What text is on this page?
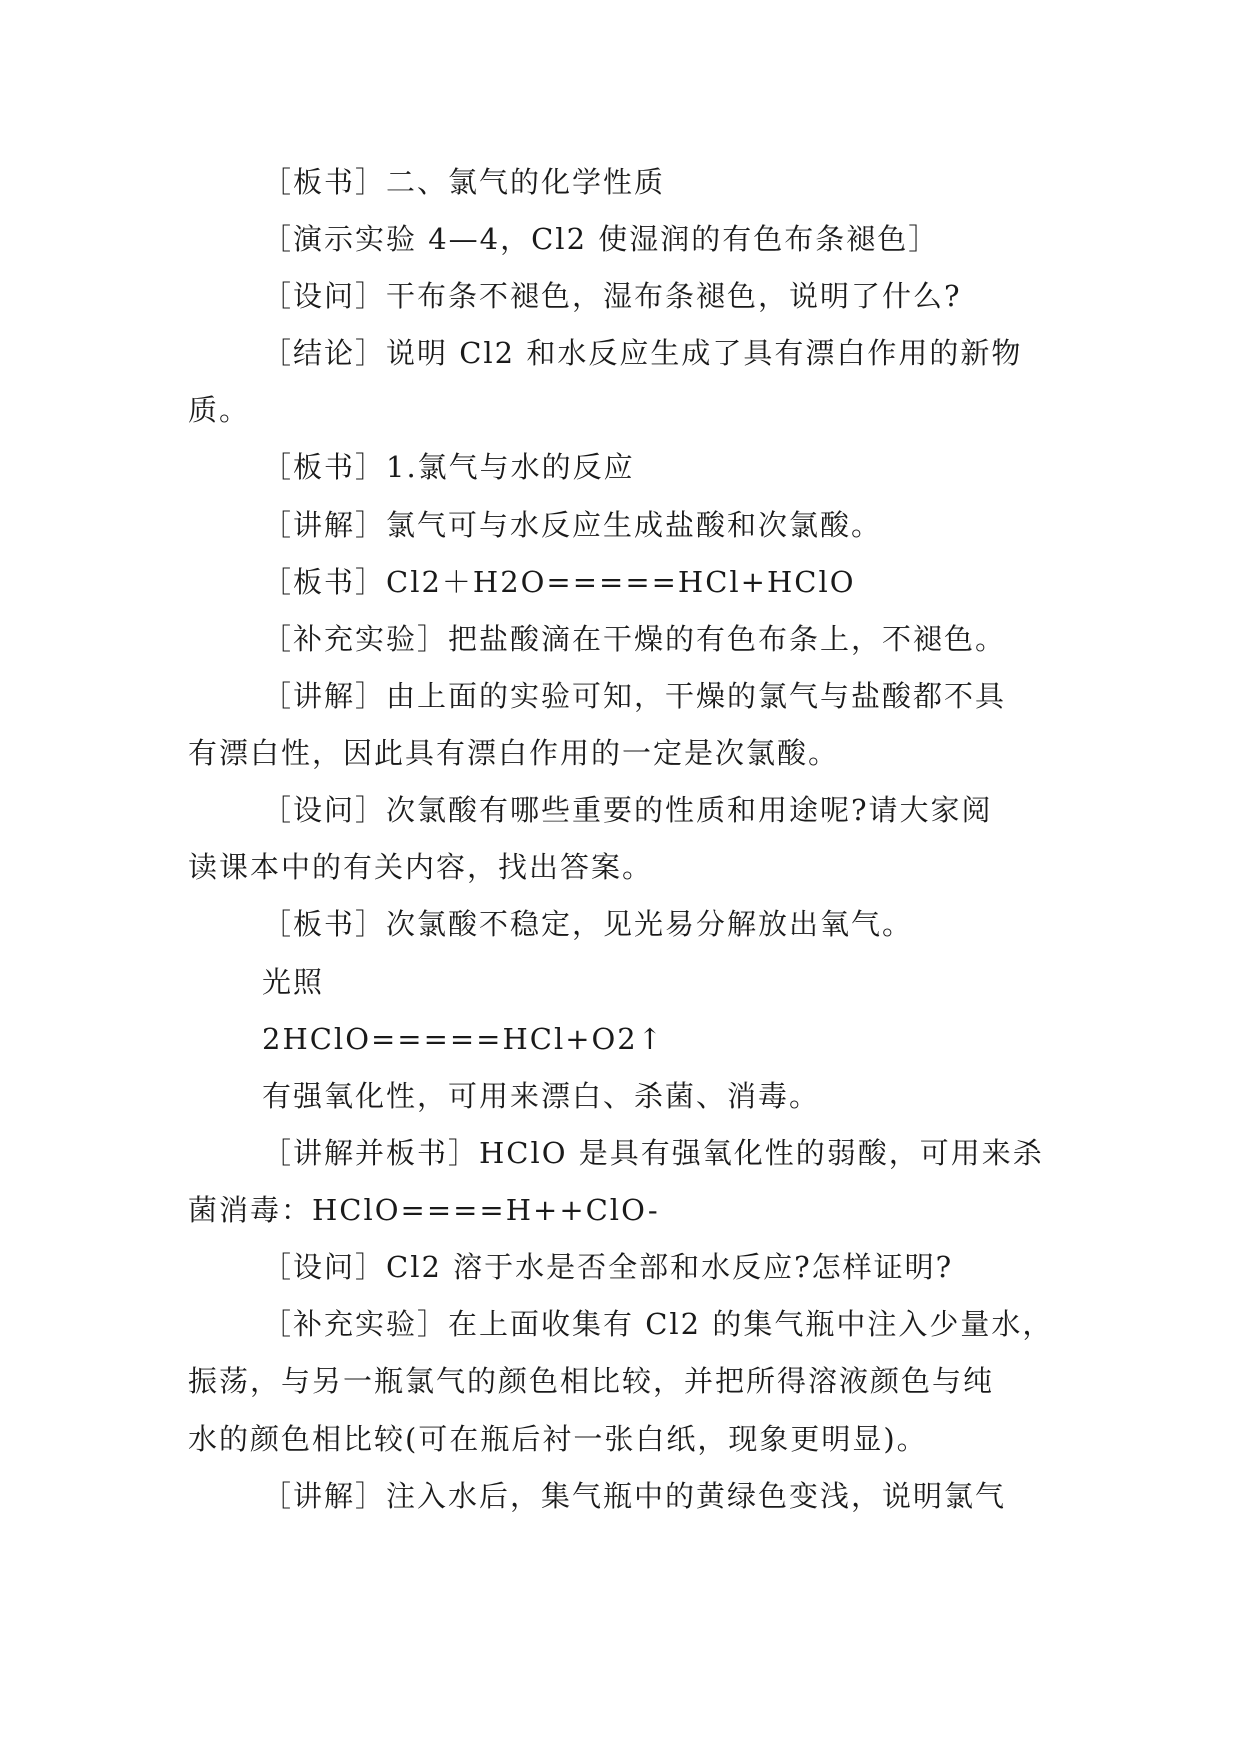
［板书］二、氯气的化学性质
［演示实验 4—4，Cl2 使湿润的有色布条褪色］
［设问］干布条不褪色，湿布条褪色，说明了什么?
［结论］说明 Cl2 和水反应生成了具有漂白作用的新物
质。
［板书］1.氯气与水的反应
［讲解］氯气可与水反应生成盐酸和次氯酸。
［板书］Cl2＋H2O=====HCl+HClO
［补充实验］把盐酸滴在干燥的有色布条上，不褪色。
［讲解］由上面的实验可知，干燥的氯气与盐酸都不具
有漂白性，因此具有漂白作用的一定是次氯酸。
［设问］次氯酸有哪些重要的性质和用途呢?请大家阅
读课本中的有关内容，找出答案。
［板书］次氯酸不稳定，见光易分解放出氧气。
光照
2HClO=====HCl+O2↑
有强氧化性，可用来漂白、杀菌、消毒。
［讲解并板书］HClO 是具有强氧化性的弱酸，可用来杀
菌消毒：HClO====H++ClO-
［设问］Cl2 溶于水是否全部和水反应?怎样证明?
［补充实验］在上面收集有 Cl2 的集气瓶中注入少量水，
振荡，与另一瓶氯气的颜色相比较，并把所得溶液颜色与纯
水的颜色相比较(可在瓶后衬一张白纸，现象更明显)。
［讲解］注入水后，集气瓶中的黄绿色变浅，说明氯气
